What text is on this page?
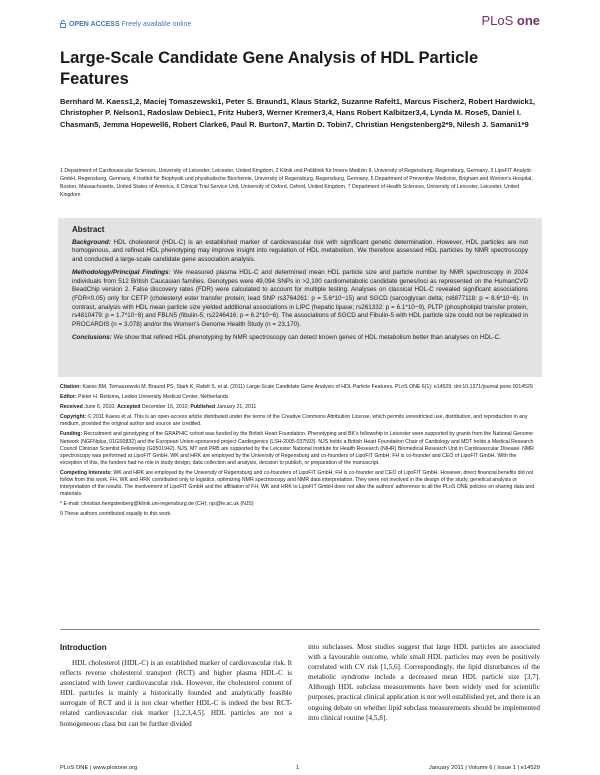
OPEN ACCESS Freely available online	PLoS one
Large-Scale Candidate Gene Analysis of HDL Particle Features
Bernhard M. Kaess1,2, Maciej Tomaszewski1, Peter S. Braund1, Klaus Stark2, Suzanne Rafelt1, Marcus Fischer2, Robert Hardwick1, Christopher P. Nelson1, Radoslaw Debiec1, Fritz Huber3, Werner Kremer3,4, Hans Robert Kalbitzer3,4, Lynda M. Rose5, Daniel I. Chasman5, Jemma Hopewell6, Robert Clarke6, Paul R. Burton7, Martin D. Tobin7, Christian Hengstenberg2*9, Nilesh J. Samani1*9
1 Department of Cardiovascular Sciences, University of Leicester, Leicester, United Kingdom, 2 Klinik und Poliklinik für Innere Medizin II, University of Regensburg, Regensburg, Germany, 3 LipoFIT Analytic GmbH, Regensburg, Germany, 4 Institut für Biophysik und physikalische Biochemie, University of Regensburg, Regensburg, Germany, 5 Department of Preventive Medicine, Brigham and Women's Hospital, Boston, Massachusetts, United States of America, 6 Clinical Trial Service Unit, University of Oxford, Oxford, United Kingdom, 7 Department of Health Sciences, University of Leicester, Leicester, United Kingdom
Abstract

Background: HDL cholesterol (HDL-C) is an established marker of cardiovascular risk with significant genetic determination. However, HDL particles are not homogenous, and refined HDL phenotyping may improve insight into regulation of HDL metabolism. We therefore assessed HDL particles by NMR spectroscopy and conducted a large-scale candidate gene association analysis.

Methodology/Principal Findings: We measured plasma HDL-C and determined mean HDL particle size and particle number by NMR spectroscopy in 2024 individuals from 512 British Caucasian families. Genotypes were 49,094 SNPs in >2,100 cardiometabolic candidate genes/loci as represented on the HumanCVD BeadChip version 2. False discovery rates (FDR) were calculated to account for multiple testing. Analyses on classical HDL-C revealed significant associations (FDR<0.05) only for CETP (cholesteryl ester transfer protein; lead SNP rs3764261: p = 5.6*10−15) and SGCD (sarcoglycan delta; rs6877118: p = 8.6*10−6). In contrast, analysis with HDL mean particle size yielded additional associations in LIPC (hepatic lipase; rs261332: p = 6.1*10−9), PLTP (phospholipid transfer protein, rs4810479: p = 1.7*10−8) and FBLN5 (fibulin-5; rs2246416: p = 6.2*10−6). The associations of SGCD and Fibulin-5 with HDL particle size could not be replicated in PROCARDIS (n = 3,078) and/or the Women's Genome Health Study (n = 23,170).

Conclusions: We show that refined HDL phenotyping by NMR spectroscopy can detect known genes of HDL metabolism better than analyses on HDL-C.

Citation: Kaess BM, Tomaszewski M, Braund PS, Stark K, Rafelt S, et al. (2011) Large-Scale Candidate Gene Analysis of HDL Particle Features. PLoS ONE 6(1): e14529. doi:10.1371/journal.pone.0014529

Editor: Pieter H. Reitsma, Leiden University Medical Center, Netherlands

Received June 6, 2010; Accepted December 16, 2010; Published January 21, 2011

Copyright: © 2011 Kaess et al. This is an open-access article distributed under the terms of the Creative Commons Attribution License, which permits unrestricted use, distribution, and reproduction in any medium, provided the original author and source are credited.

Funding: Recruitment and genotyping of the GRAPHIC cohort was funded by the British Heart Foundation. Phenotyping and BK's fellowship in Leicester were supported by grants from the National Genome Network (NGFNplus, 01GS0832) and the European Union-sponsored project Cardiogenics (LSH-2005-037593). NJS holds a British Heart Foundation Chair of Cardiology and MDT holds a Medical Research Council Clinician Scientist Fellowship (G0501942). NJS, MT and PRB are supported by the Leicester National Institute for Health Research (NIHR) Biomedical Research Unit in Cardiovascular Disease. NMR spectroscopy was performed at LipoFIT GmbH. WK and HRK are employed by the University of Regensburg and co-founders of LipoFIT GmbH; FH is co-founder and CEO of LipoFIT GmbH. With the exception of this, the funders had no role in study design, data collection and analysis, decision to publish, or preparation of the manuscript.

Competing Interests: WK and HRK are employed by the University of Regensburg and co-founders of LipoFIT GmbH; FH is co-founder and CEO of LipoFIT GmbH. However, direct financial benefits did not follow from this work. FH, WK and HRK contributed only to logistics, optimizing NMR spectroscopy and NMR data interpretation. They were not involved in the design of the study, genetical analysis or interpretation of the results. The involvement of LipoFIT GmbH and the affiliation of FH, WK and HRK to LipoFIT GmbH does not alter the authors' adherence to all the PLoS ONE policies on sharing data and materials.

* E-mail: christian.hengstenberg@klinik.uni-regensburg.de (CH); njs@le.ac.uk (NJS)

9 These authors contributed equally to this work.

Introduction

HDL cholesterol (HDL-C) is an established marker of cardiovascular risk. It reflects reverse cholesterol transport (RCT) and higher plasma HDL-C is associated with lower cardiovascular risk. However, the cholesterol content of HDL particles is mainly a historically founded and analytically feasible surrogate of RCT and it is not clear whether HDL-C is indeed the best RCT-related cardiovascular risk marker [1,2,3,4,5]. HDL particles are not a homogeneous class but can be further divided

into subclasses. Most studies suggest that large HDL particles are associated with a favourable outcome, while small HDL particles may even be positively correlated with CV risk [1,5,6]. Correspondingly, the lipid disturbances of the metabolic syndrome include a decreased mean HDL particle size [3,7]. Although HDL subclass measurements have been widely used for scientific purposes, practical clinical application is not well established yet, and there is an ongoing debate on whether lipid subclass measurements should be implemented into clinical routine [4,5,8].

PLoS ONE | www.plosone.org	1	January 2011 | Volume 6 | Issue 1 | e14529
